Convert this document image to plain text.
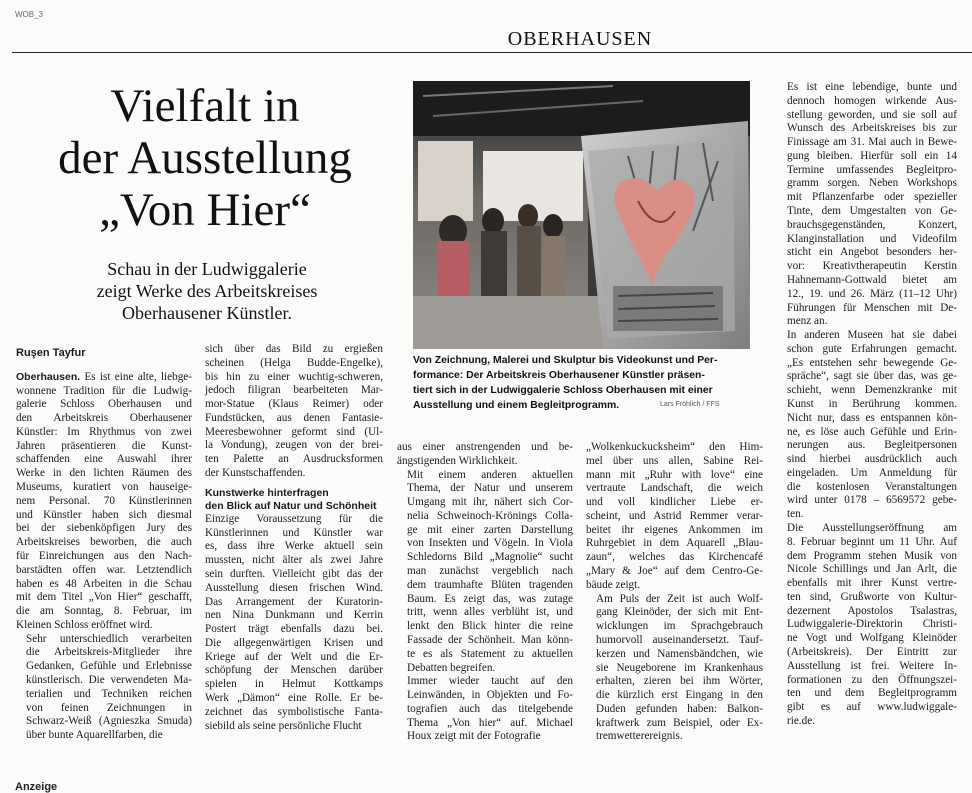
WOB_3
OBERHAUSEN
Vielfalt in
der Ausstellung
„Von Hier“
Schau in der Ludwiggalerie
zeigt Werke des Arbeitskreises
Oberhausener Künstler.

Ruşen Tayfur

Oberhausen. Es ist eine alte, liebge-
wonnene Tradition für die Ludwig-
galerie Schloss Oberhausen und
den Arbeitskreis Oberhausener
Künstler: Im Rhythmus von zwei
Jahren präsentieren die Kunst-
schaffenden eine Auswahl ihrer
Werke in den lichten Räumen des
Museums, kuratiert von hauseige-
nem Personal. 70 Künstlerinnen
und Künstler haben sich diesmal
bei der siebenköpfigen Jury des
Arbeitskreises beworben, die auch
für Einreichungen aus den Nach-
barstädten offen war. Letztendlich
haben es 48 Arbeiten in die Schau
mit dem Titel „Von Hier“ geschafft,
die am Sonntag, 8. Februar, im
Kleinen Schloss eröffnet wird.

Sehr unterschiedlich verarbeiten
die Arbeitskreis-Mitglieder ihre
Gedanken, Gefühle und Erlebnisse
künstlerisch. Die verwendeten Ma-
terialien und Techniken reichen
von feinen Zeichnungen in
Schwarz-Weiß (Agnieszka Smuda)
über bunte Aquarellfarben, die

sich über das Bild zu ergießen
scheinen (Helga Budde-Engelke),
bis hin zu einer wuchtig-schweren,
jedoch filigran bearbeiteten Mar-
mor-Statue (Klaus Reimer) oder
Fundstücken, aus denen Fantasie-
Meeresbewohner geformt sind (Ul-
la Vondung), zeugen von der brei-
ten Palette an Ausdrucksformen
der Kunstschaffenden.

Kunstwerke hinterfragen
den Blick auf Natur und Schönheit

Einzige Voraussetzung für die
Künstlerinnen und Künstler war
es, dass ihre Werke aktuell sein
mussten, nicht älter als zwei Jahre
sein durften. Vielleicht gibt das der
Ausstellung diesen frischen Wind.
Das Arrangement der Kuratorin-
nen Nina Dunkmann und Kerrin
Postert trägt ebenfalls dazu bei.
Die allgegenwärtigen Krisen und
Kriege auf der Welt und die Er-
schöpfung der Menschen darüber
spielen in Helmut Kottkamps
Werk „Dämon“ eine Rolle. Er be-
zeichnet das symbolistische Fanta-
siebild als seine persönliche Flucht

Von Zeichnung, Malerei und Skulptur bis Videokunst und Per-
formance: Der Arbeitskreis Oberhausener Künstler präsen-
tiert sich in der Ludwiggalerie Schloss Oberhausen mit einer
Ausstellung und einem Begleitprogramm.	Lars Fröhlich / FFS

aus einer anstrengenden und be-
ängstigenden Wirklichkeit.

Mit einem anderen aktuellen
Thema, der Natur und unserem
Umgang mit ihr, nähert sich Cor-
nelia Schweinoch-Krönings Colla-
ge mit einer zarten Darstellung
von Insekten und Vögeln. In Viola
Schledorns Bild „Magnolie“ sucht
man zunächst vergeblich nach
dem traumhafte Blüten tragenden
Baum. Es zeigt das, was zutage
tritt, wenn alles verblüht ist, und
lenkt den Blick hinter die reine
Fassade der Schönheit. Man könn-
te es als Statement zu aktuellen
Debatten begreifen.

Immer wieder taucht auf den
Leinwänden, in Objekten und Fo-
tografien auch das titelgebende
Thema „Von hier“ auf. Michael
Houx zeigt mit der Fotografie

„Wolkenkuckucksheim“ den Him-
mel über uns allen, Sabine Rei-
mann mit „Ruhr with love“ eine
vertraute Landschaft, die weich
und voll kindlicher Liebe er-
scheint, und Astrid Remmer verar-
beitet ihr eigenes Ankommen im
Ruhrgebiet in dem Aquarell „Blau-
zaun“, welches das Kirchencafé
„Mary & Joe“ auf dem Centro-Ge-
bäude zeigt.

Am Puls der Zeit ist auch Wolf-
gang Kleinöder, der sich mit Ent-
wicklungen im Sprachgebrauch
humorvoll auseinandersetzt. Tauf-
kerzen und Namensbändchen, wie
sie Neugeborene im Krankenhaus
erhalten, zieren bei ihm Wörter,
die kürzlich erst Eingang in den
Duden gefunden haben: Balkon-
kraftwerk zum Beispiel, oder Ex-
tremwetterereignis.

Es ist eine lebendige, bunte und
dennoch homogen wirkende Aus-
stellung geworden, und sie soll auf
Wunsch des Arbeitskreises bis zur
Finissage am 31. Mai auch in Bewe-
gung bleiben. Hierfür soll ein 14
Termine umfassendes Begleitpro-
gramm sorgen. Neben Workshops
mit Pflanzenfarbe oder spezieller
Tinte, dem Umgestalten von Ge-
brauchsgegenständen, Konzert,
Klanginstallation und Videofilm
sticht ein Angebot besonders her-
vor: Kreativtherapeutin Kerstin
Hahnemann-Gottwald bietet am
12., 19. und 26. März (11–12 Uhr)
Führungen für Menschen mit De-
menz an.

In anderen Museen hat sie dabei
schon gute Erfahrungen gemacht.
„Es entstehen sehr bewegende Ge-
spräche“, sagt sie über das, was ge-
schieht, wenn Demenzkranke mit
Kunst in Berührung kommen.
Nicht nur, dass es entspannen kön-
ne, es löse auch Gefühle und Erin-
nerungen aus. Begleitpersonen
sind hierbei ausdrücklich auch
eingeladen. Um Anmeldung für
die kostenlosen Veranstaltungen
wird unter 0178 – 6569572 gebe-
ten.

Die Ausstellungseröffnung am
8. Februar beginnt um 11 Uhr. Auf
dem Programm stehen Musik von
Nicole Schillings und Jan Arlt, die
ebenfalls mit ihrer Kunst vertre-
ten sind, Grußworte von Kultur-
dezernent Apostolos Tsalastras,
Ludwiggalerie-Direktorin Christi-
ne Vogt und Wolfgang Kleinöder
(Arbeitskreis). Der Eintritt zur
Ausstellung ist frei. Weitere In-
formationen zu den Öffnungszei-
ten und dem Begleitprogramm
gibt es auf www.ludwiggale-
rie.de.

Anzeige
